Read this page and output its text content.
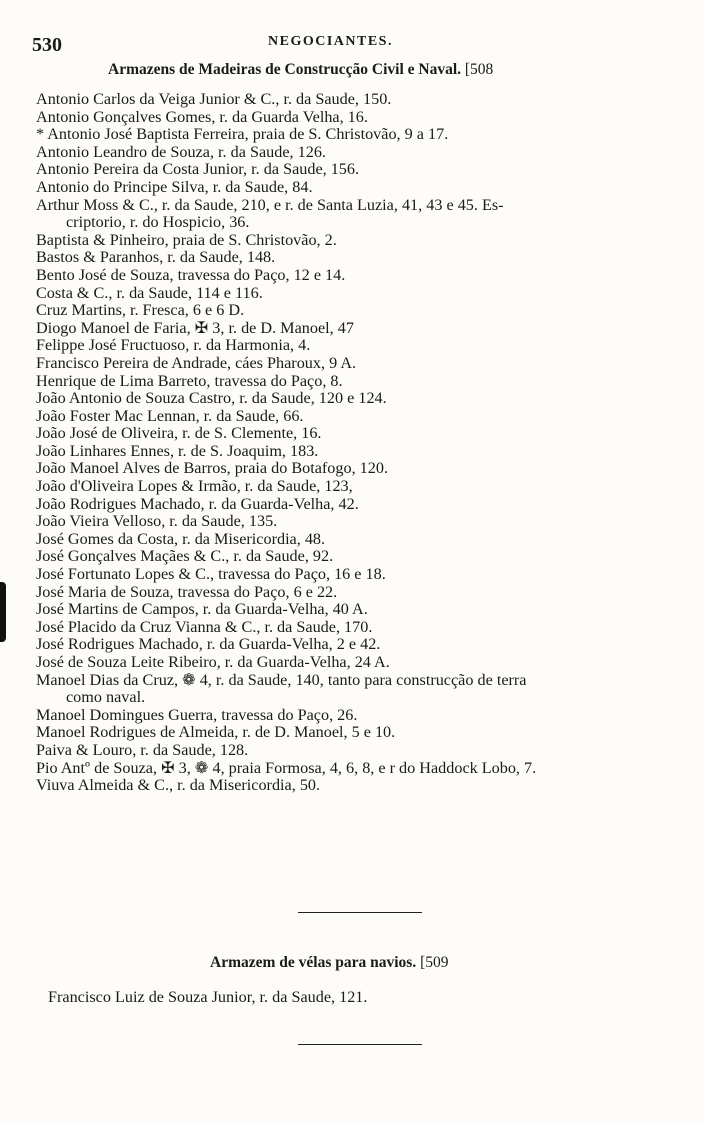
530	NEGOCIANTES.
Armazens de Madeiras de Construcção Civil e Naval. [508

Antonio Carlos da Veiga Junior & C., r. da Saude, 150.

Antonio Gonçalves Gomes, r. da Guarda Velha, 16.

* Antonio José Baptista Ferreira, praia de S. Christovão, 9 a 17.

Antonio Leandro de Souza, r. da Saude, 126.

Antonio Pereira da Costa Junior, r. da Saude, 156.

Antonio do Principe Silva, r. da Saude, 84.

Arthur Moss & C., r. da Saude, 210, e r. de Santa Luzia, 41, 43 e 45. Es-
criptorio, r. do Hospicio, 36.

Baptista & Pinheiro, praia de S. Christovão, 2.

Bastos & Paranhos, r. da Saude, 148.

Bento José de Souza, travessa do Paço, 12 e 14.

Costa & C., r. da Saude, 114 e 116.

Cruz Martins, r. Fresca, 6 e 6 D.

Diogo Manoel de Faria, ✠ 3, r. de D. Manoel, 47

Felippe José Fructuoso, r. da Harmonia, 4.

Francisco Pereira de Andrade, cáes Pharoux, 9 A.

Henrique de Lima Barreto, travessa do Paço, 8.

João Antonio de Souza Castro, r. da Saude, 120 e 124.

João Foster Mac Lennan, r. da Saude, 66.

João José de Oliveira, r. de S. Clemente, 16.

João Linhares Ennes, r. de S. Joaquim, 183.

João Manoel Alves de Barros, praia do Botafogo, 120.

João d'Oliveira Lopes & Irmão, r. da Saude, 123,

João Rodrigues Machado, r. da Guarda-Velha, 42.

João Vieira Velloso, r. da Saude, 135.

José Gomes da Costa, r. da Misericordia, 48.

José Gonçalves Maçães & C., r. da Saude, 92.

José Fortunato Lopes & C., travessa do Paço, 16 e 18.

José Maria de Souza, travessa do Paço, 6 e 22.

José Martins de Campos, r. da Guarda-Velha, 40 A.

José Placido da Cruz Vianna & C., r. da Saude, 170.

José Rodrigues Machado, r. da Guarda-Velha, 2 e 42.

José de Souza Leite Ribeiro, r. da Guarda-Velha, 24 A.

Manoel Dias da Cruz, ❁ 4, r. da Saude, 140, tanto para construcção de terra
como naval.

Manoel Domingues Guerra, travessa do Paço, 26.

Manoel Rodrigues de Almeida, r. de D. Manoel, 5 e 10.

Paiva & Louro, r. da Saude, 128.

Pio Antº de Souza, ✠ 3, ❁ 4, praia Formosa, 4, 6, 8, e r do Haddock Lobo, 7.

Viuva Almeida & C., r. da Misericordia, 50.

Armazem de vélas para navios. [509
Francisco Luiz de Souza Junior, r. da Saude, 121.
